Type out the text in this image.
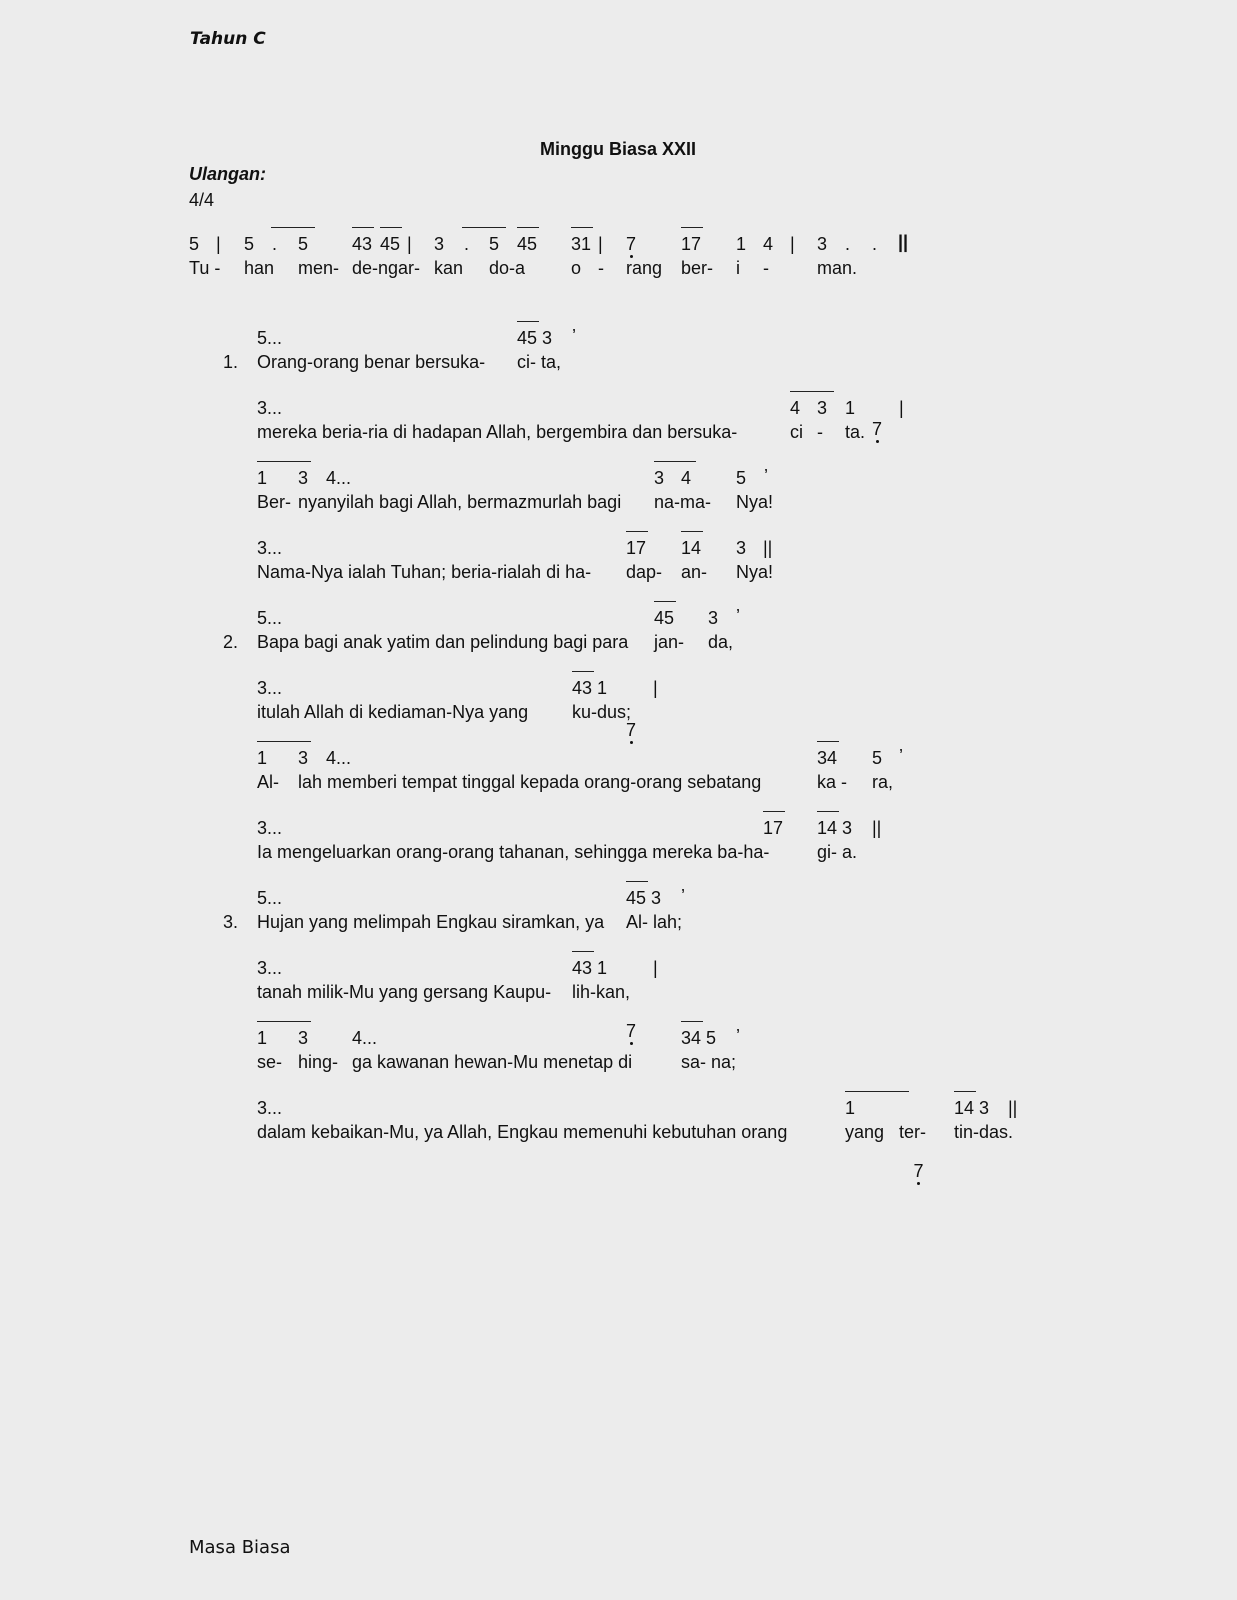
Tahun C
Minggu Biasa XXII
Ulangan:
4/4
5 | 5 . 5 43 45 | 3 . 5 45 31 | 7 17 1 4 | 3 . . ||
Tu - han men- de-ngar- kan do-a	o - rang ber- i -	man.
1.
5...	45 3 ’
Orang-orang benar bersuka- ci- ta,
3...	4 3 1
7
|
mereka beria-ria di hadapan Allah, bergembira dan bersuka-	ci - ta.
1 3 4...	3 4 5 ’
Ber- nyanyilah bagi Allah, bermazmurlah bagi na-ma- Nya!
3...	17 14 3 ||
Nama-Nya ialah Tuhan; beria-rialah di ha- dap- an- Nya!
2.
5...	45 3 ’
Bapa bagi anak yatim dan pelindung bagi para jan- da,
3...	43 1
7
|
itulah Allah di kediaman-Nya yang ku-dus;
1 3 4...	34 5 ’
Al- lah memberi tempat tinggal kepada orang-orang sebatang	ka - ra,
3...	17 14 3 ||
Ia mengeluarkan orang-orang tahanan, sehingga mereka ba-ha-	gi- a.
3.
5...	45 3 ’
Hujan yang melimpah Engkau siramkan, ya Al- lah;
3...	43 1
7
|
tanah milik-Mu yang gersang Kaupu- lih-kan,
1 3 4...	34 5 ’
se- hing- ga kawanan hewan-Mu menetap di	sa- na;
3...	1
7
14 3 ||
dalam kebaikan-Mu, ya Allah, Engkau memenuhi kebutuhan orang	yang ter- tin-das.
Masa Biasa
